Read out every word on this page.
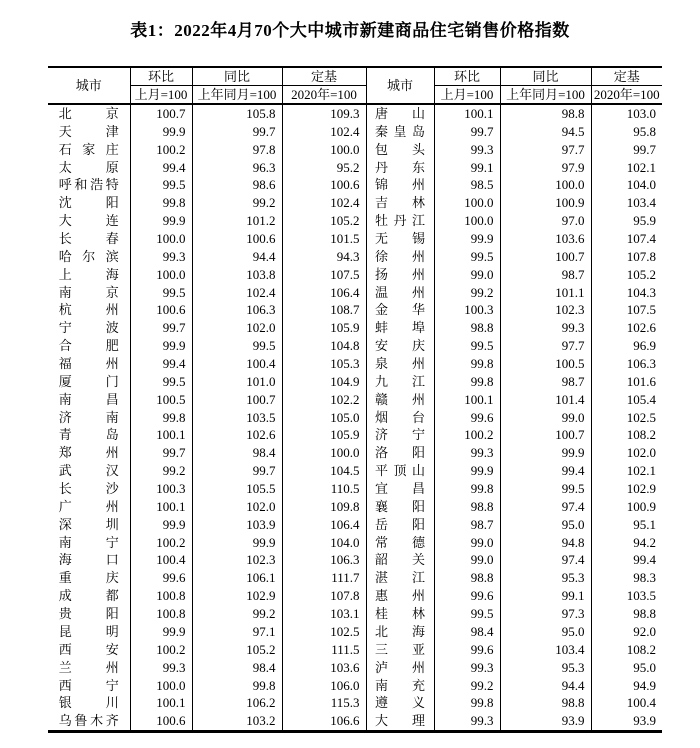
表1：2022年4月70个大中城市新建商品住宅销售价格指数
城市	环比	同比	定基	城市	环比	同比	定基
	上月=100	上年同月=100	2020年=100		上月=100	上年同月=100	2020年=100

北 京	100.7	105.8	109.3	唐 山	100.1	98.8	103.0

天 津	99.9	99.7	102.4	秦 皇 岛	99.7	94.5	95.8

石 家 庄	100.2	97.8	100.0	包 头	99.3	97.7	99.7

太 原	99.4	96.3	95.2	丹 东	99.1	97.9	102.1

呼 和 浩 特	99.5	98.6	100.6	锦 州	98.5	100.0	104.0

沈 阳	99.8	99.2	102.4	吉 林	100.0	100.9	103.4

大 连	99.9	101.2	105.2	牡 丹 江	100.0	97.0	95.9

长 春	100.0	100.6	101.5	无 锡	99.9	103.6	107.4

哈 尔 滨	99.3	94.4	94.3	徐 州	99.5	100.7	107.8

上 海	100.0	103.8	107.5	扬 州	99.0	98.7	105.2

南 京	99.5	102.4	106.4	温 州	99.2	101.1	104.3

杭 州	100.6	106.3	108.7	金 华	100.3	102.3	107.5

宁 波	99.7	102.0	105.9	蚌 埠	98.8	99.3	102.6

合 肥	99.9	99.5	104.8	安 庆	99.5	97.7	96.9

福 州	99.4	100.4	105.3	泉 州	99.8	100.5	106.3

厦 门	99.5	101.0	104.9	九 江	99.8	98.7	101.6

南 昌	100.5	100.7	102.2	赣 州	100.1	101.4	105.4

济 南	99.8	103.5	105.0	烟 台	99.6	99.0	102.5

青 岛	100.1	102.6	105.9	济 宁	100.2	100.7	108.2

郑 州	99.7	98.4	100.0	洛 阳	99.3	99.9	102.0

武 汉	99.2	99.7	104.5	平 顶 山	99.9	99.4	102.1

长 沙	100.3	105.5	110.5	宜 昌	99.8	99.5	102.9

广 州	100.1	102.0	109.8	襄 阳	98.8	97.4	100.9

深 圳	99.9	103.9	106.4	岳 阳	98.7	95.0	95.1

南 宁	100.2	99.9	104.0	常 德	99.0	94.8	94.2

海 口	100.4	102.3	106.3	韶 关	99.0	97.4	99.4

重 庆	99.6	106.1	111.7	湛 江	98.8	95.3	98.3

成 都	100.8	102.9	107.8	惠 州	99.6	99.1	103.5

贵 阳	100.8	99.2	103.1	桂 林	99.5	97.3	98.8

昆 明	99.9	97.1	102.5	北 海	98.4	95.0	92.0

西 安	100.2	105.2	111.5	三 亚	99.6	103.4	108.2

兰 州	99.3	98.4	103.6	泸 州	99.3	95.3	95.0

西 宁	100.0	99.8	106.0	南 充	99.2	94.4	94.9

银 川	100.1	106.2	115.3	遵 义	99.8	98.8	100.4

乌 鲁 木 齐	100.6	103.2	106.6	大 理	99.3	93.9	93.9
